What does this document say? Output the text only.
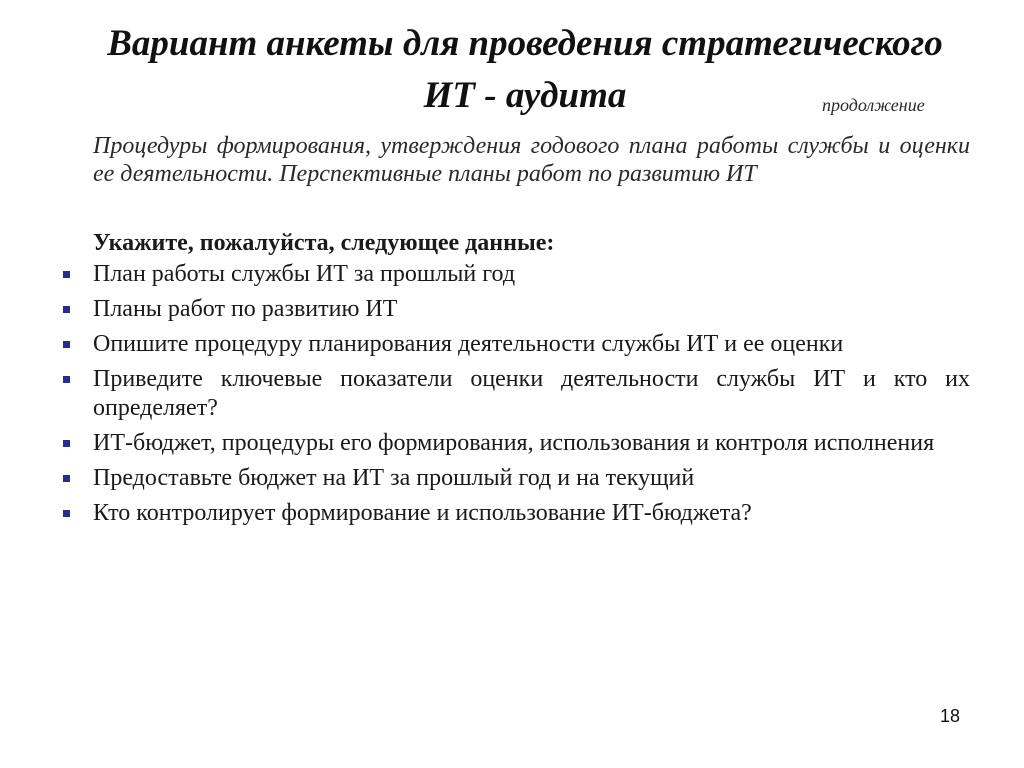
Вариант анкеты для проведения стратегического
ИТ - аудита	продолжение
Процедуры формирования, утверждения годового плана работы службы и оценки ее деятельности. Перспективные планы работ по развитию ИТ
Укажите, пожалуйста, следующее данные:
План работы службы ИТ за прошлый год
Планы работ по развитию ИТ
Опишите процедуру планирования деятельности службы ИТ и ее оценки
Приведите ключевые показатели оценки деятельности службы ИТ и кто их определяет?
ИТ-бюджет, процедуры его формирования, использования и контроля исполнения
Предоставьте бюджет на ИТ за прошлый год и на текущий
Кто контролирует формирование и использование ИТ-бюджета?
18
